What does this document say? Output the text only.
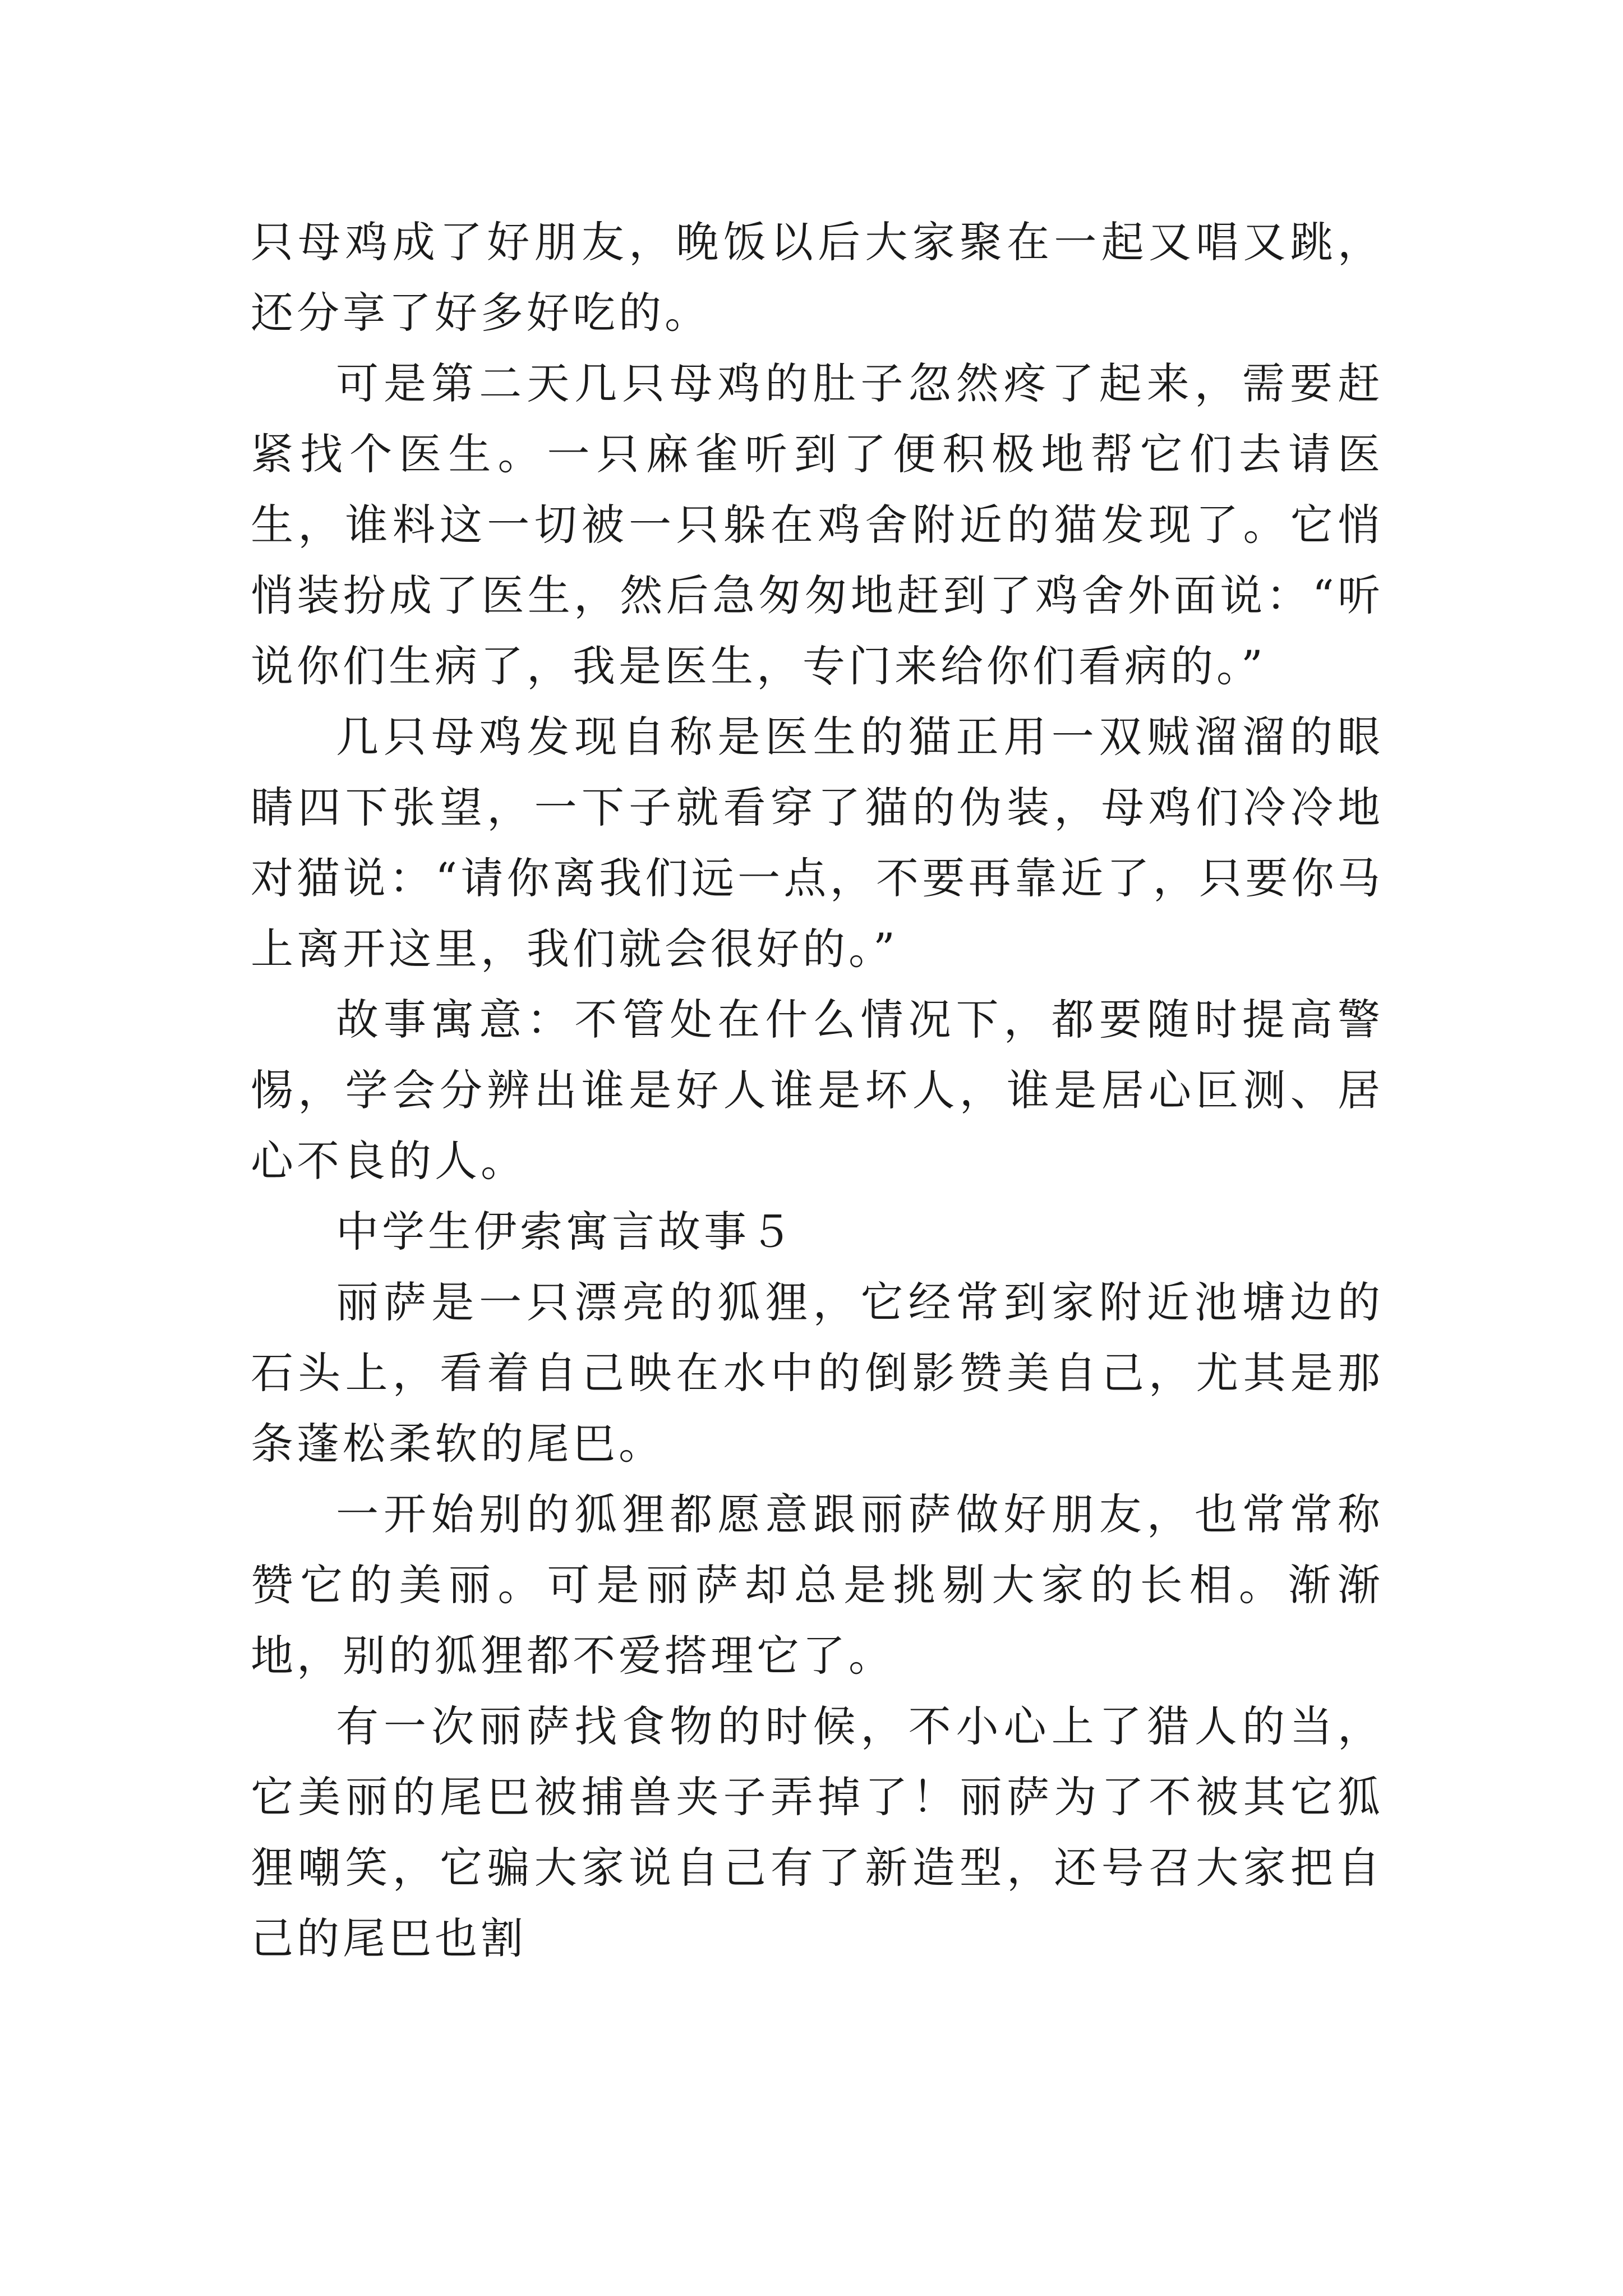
只母鸡成了好朋友，晚饭以后大家聚在一起又唱又跳，还分享了好多好吃的。

可是第二天几只母鸡的肚子忽然疼了起来，需要赶紧找个医生。一只麻雀听到了便积极地帮它们去请医生，谁料这一切被一只躲在鸡舍附近的猫发现了。它悄悄装扮成了医生，然后急匆匆地赶到了鸡舍外面说：“听说你们生病了，我是医生，专门来给你们看病的。”

几只母鸡发现自称是医生的猫正用一双贼溜溜的眼睛四下张望，一下子就看穿了猫的伪装，母鸡们冷冷地对猫说：“请你离我们远一点，不要再靠近了，只要你马上离开这里，我们就会很好的。”

故事寓意：不管处在什么情况下，都要随时提高警惕，学会分辨出谁是好人谁是坏人，谁是居心叵测、居心不良的人。

中学生伊索寓言故事５

丽萨是一只漂亮的狐狸，它经常到家附近池塘边的石头上，看着自己映在水中的倒影赞美自己，尤其是那条蓬松柔软的尾巴。

一开始别的狐狸都愿意跟丽萨做好朋友，也常常称赞它的美丽。可是丽萨却总是挑剔大家的长相。渐渐地，别的狐狸都不爱搭理它了。

有一次丽萨找食物的时候，不小心上了猎人的当，它美丽的尾巴被捕兽夹子弄掉了！丽萨为了不被其它狐狸嘲笑，它骗大家说自己有了新造型，还号召大家把自己的尾巴也割
